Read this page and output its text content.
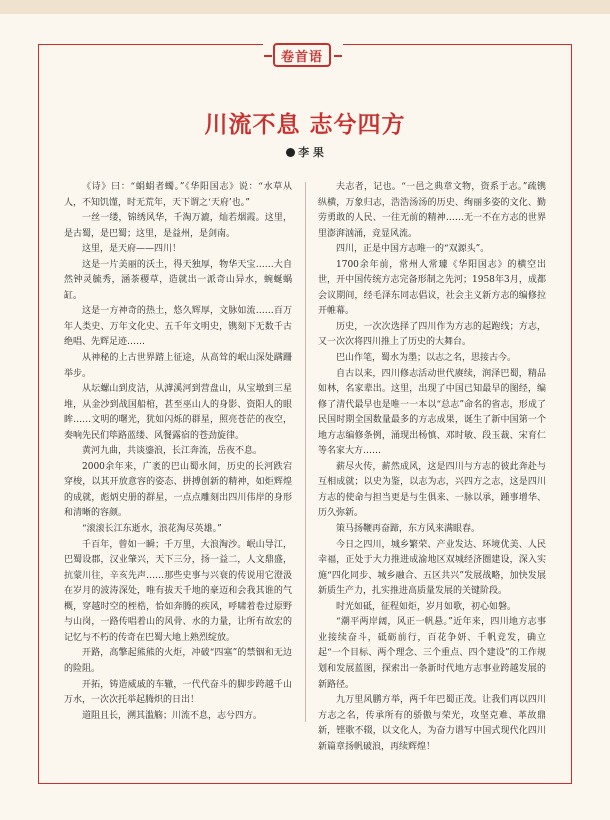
卷首语
川流不息 志兮四方
李 果

《诗》曰：“蜎蜎者蠋。”《华阳国志》说：“水草从人，不知饥馑，时无荒年，天下谓之‘天府’也。”

一丝一缕，锦绣风华，千淘万漉，灿若烟霞。这里，是古蜀，是巴蜀；这里，是益州，是剑南。

这里，是天府——四川！

这是一片美丽的沃土，得天独厚，物华天宝……大自然钟灵毓秀，涵茶稷草，造就出一派奇山异水，蜿蜒蜗缸。

这是一方神奇的热土，悠久辉厚，文脉如流……百万年人类史、万年文化史、五千年文明史，镌刻下无数千古绝唱、先辉足迹……

从神秘的上古世界踏上征途，从高耸的岷山深处蹒跚举步。

从坛螺山到皮洁，从滹溪河到营盘山，从宝墩到三星堆，从金沙到战国船棺，甚至巫山人的身影、资阳人的眼眸……文明的曙光，犹如闪烁的群星，照亮苍茫的夜空，奏响先民们筚路蓝缕、风餐露宿的苍劲旋律。

黄河九曲，共谈鎏浪，长江奔流，岳夜不息。

2000余年来，广袤的巴山蜀水间，历史的长河跌宕穿梭，以其开放意容的姿态、拼搏创新的精神，如炬辉煌的成就，彪炳史册的群星，一点点雕刻出四川伟岸的身形和清晰的容颜。

“滚滚长江东逝水，浪花淘尽英雄。”

千百年，曾如一瞬；千万里，大浪淘沙。岷山导江，巴蜀设郡，汉业肇兴，天下三分，扬一益二，人文鼎盛，抗蒙川往，辛亥先声……那些史事与兴衰的传说用它澄汲在岁月的波涛深处，唯有拔天千地的豪迈和会我其谁的气概，穿越时空的桎梏，恰如奔腾的疾风，呼啸着卷过原野与山岗，一路传唱着山的风骨、水的力量，让所有故宏的记忆与不朽的传奇在巴蜀大地上熟烈绽放。

开路，高擎起熊熊的火炬，冲破“四塞”的禁铟和无边的险阻。

开拓，铸造威戚的车辙，一代代奋斗的脚步跨越千山万水，一次次托举起腾炽的日出！

道阻且长，溯其滥觞；川流不息，志兮四方。

夫志者，记也。“一邑之典章文物，资系于志。”疏镌纵横，万象归志，浩浩汤汤的历史、绚丽多姿的文化、勤劳勇敢的人民、一往无前的精神……无一不在方志的世界里澎湃汹涌，竞显风流。

四川，正是中国方志唯一的“双源头”。

1700余年前，常州人常璩《华阳国志》的横空出世，开中国传统方志完备形制之先河；1958年3月，成都会议期间，经毛泽东同志倡议，社会主义新方志的编修拉开帷幕。

历史，一次次选择了四川作为方志的起跑线；方志，又一次次将四川推上了历史的大舞台。

巴山作笔，蜀水为墨；以志之名，思接古今。

自古以来，四川修志活动世代赓续，润泽巴蜀，精品如林，名家辈出。这里，出现了中国已知最早的图经，编修了清代最早也是唯一一本以“总志”命名的省志，形成了民国时期全国数量最多的方志成果，诞生了新中国第一个地方志编修条例，涌现出杨慎、邓时敏、段玉裁、宋育仁等名家大方……

薪尽火传，薪然成风，这是四川与方志的彼此奔赴与互相成就；以史为鉴，以志为志，兴四方之志，这是四川方志的使命与担当更是与生俱来、一脉以承，踵事增华、历久弥新。

策马扬鞭再奋蹄，东方风来满眼春。

今日之四川，城乡繁荣、产业发达、环境优美、人民幸福，正处于大力推进成渝地区双城经济圈建设，深入实施“四化同步、城乡融合、五区共兴”发展战略，加快发展新质生产力，扎实推进高质量发展的关键阶段。

时光如砥，征程如炬，岁月如歌，初心如磐。

“潮平两岸阔，风正一帆悬。”近年来，四川地方志事业接续奋斗，砥砺前行，百花争妍、千帆竞发，确立起“一个目标、两个理念、三个重点、四个建设”的工作规划和发展蓝图，探索出一条新时代地方志事业跨越发展的新路径。

九万里风鹏方举，两千年巴蜀正茂。让我们再以四川方志之名，传承所有的骄傲与荣光，攻坚克难、革故鼎新，铿歌不辍，以文化人，为奋力谱写中国式现代化四川新篇章扬帆破浪，再续辉煌！
